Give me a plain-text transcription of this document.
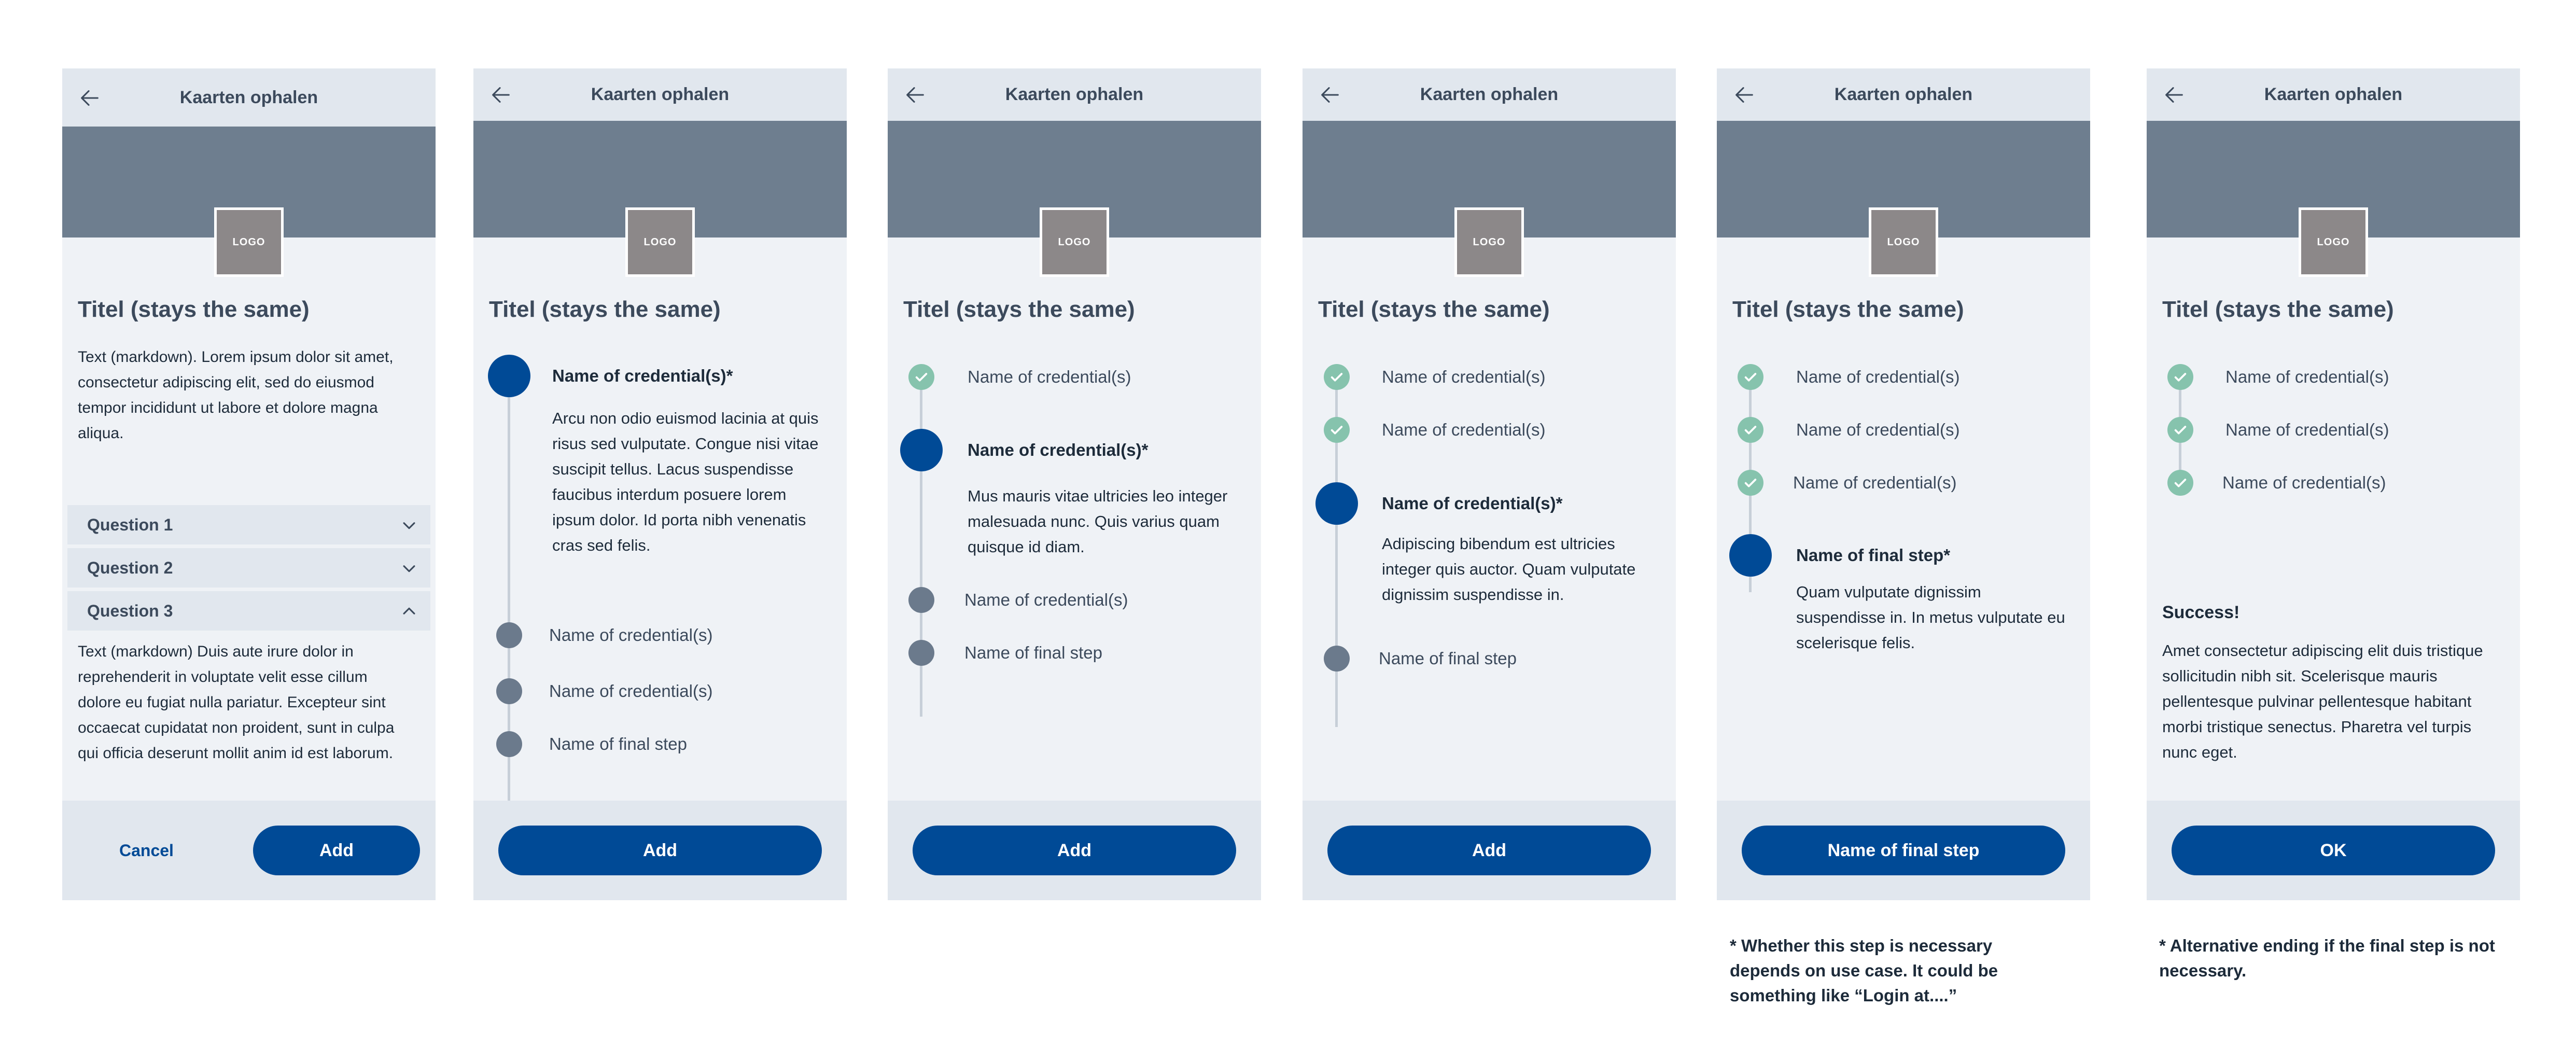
Kaarten ophalen
LOGO
Titel (stays the same)
Text (markdown). Lorem ipsum dolor sit amet, consectetur adipiscing elit, sed do eiusmod tempor incididunt ut labore et dolore magna aliqua.
Question 1
Question 2
Question 3
Text (markdown) Duis aute irure dolor in reprehenderit in voluptate velit esse cillum dolore eu fugiat nulla pariatur. Excepteur sint occaecat cupidatat non proident, sunt in culpa qui officia deserunt mollit anim id est laborum.
Cancel	Add
Kaarten ophalen
LOGO
Titel (stays the same)
Name of credential(s)*
Arcu non odio euismod lacinia at quis risus sed vulputate. Congue nisi vitae suscipit tellus. Lacus suspendisse faucibus interdum posuere lorem ipsum dolor. Id porta nibh venenatis cras sed felis.
Name of credential(s)
Name of credential(s)
Name of final step
Add
Kaarten ophalen
LOGO
Titel (stays the same)
Name of credential(s)
Name of credential(s)*
Mus mauris vitae ultricies leo integer malesuada nunc. Quis varius quam quisque id diam.
Name of credential(s)
Name of final step
Add
Kaarten ophalen
LOGO
Titel (stays the same)
Name of credential(s)
Name of credential(s)
Name of credential(s)*
Adipiscing bibendum est ultricies integer quis auctor. Quam vulputate dignissim suspendisse in.
Name of final step
Add
Kaarten ophalen
LOGO
Titel (stays the same)
Name of credential(s)
Name of credential(s)
Name of credential(s)
Name of final step*
Quam vulputate dignissim suspendisse in. In metus vulputate eu scelerisque felis.
Name of final step
Kaarten ophalen
LOGO
Titel (stays the same)
Name of credential(s)
Name of credential(s)
Name of credential(s)
Success!
Amet consectetur adipiscing elit duis tristique sollicitudin nibh sit. Scelerisque mauris pellentesque pulvinar pellentesque habitant morbi tristique senectus. Pharetra vel turpis nunc eget.
OK
* Whether this step is necessary depends on use case. It could be something like “Login at....”
* Alternative ending if the final step is not necessary.
